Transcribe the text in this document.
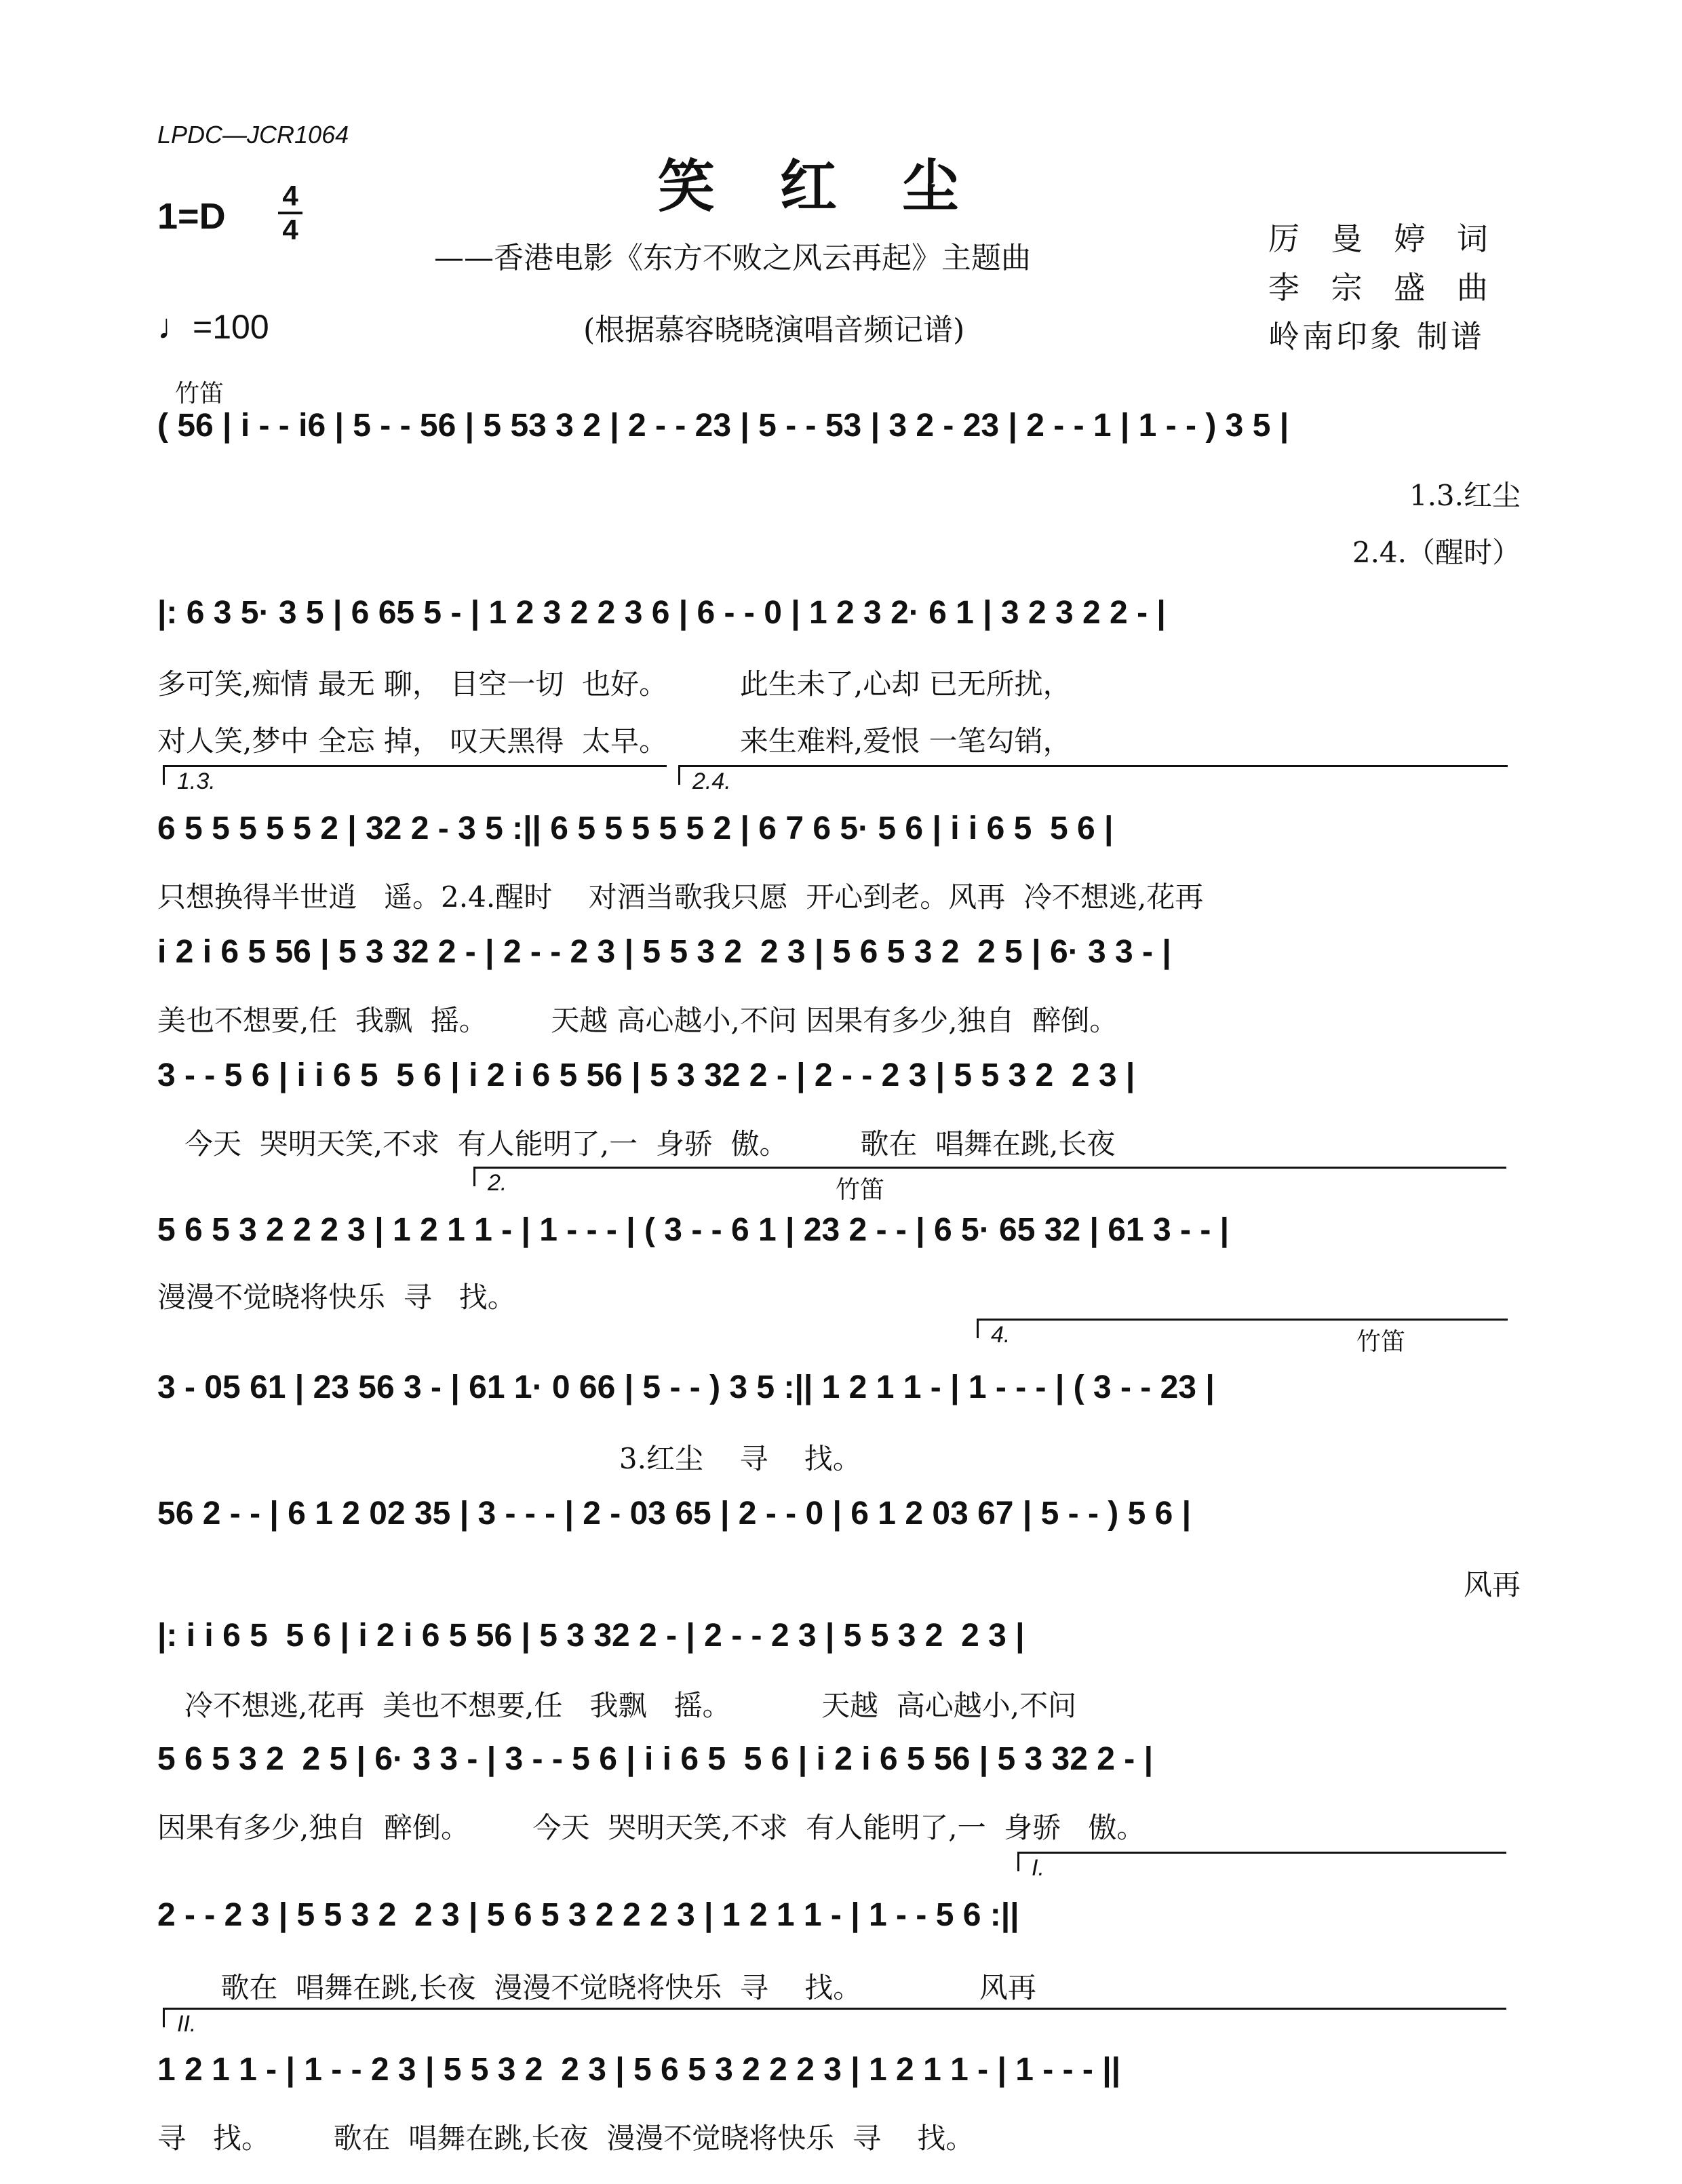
LPDC—JCR1064
笑红尘
1=D
4
4
♩=100
——香港电影《东方不败之风云再起》主题曲
(根据慕容晓晓演唱音频记谱)
厉 曼 婷 词
李 宗 盛 曲
岭南印象 制谱
竹笛
( 56 | i - - i6 | 5 - - 56 | 5 53 3 2 | 2 - - 23 | 5 - - 53 | 3 2 - 23 | 2 - - 1 | 1 - - ) 3 5 |
1.3.红尘
2.4.（醒时）
|: 6 3 5· 3 5 | 6 65 5 - | 1 2 3 2 2 3 6 | 6 - - 0 | 1 2 3 2· 6 1 | 3 2 3 2 2 - |
多可笑,痴情 最无 聊， 目空一切  也好。        此生未了,心却 已无所扰，
对人笑,梦中 全忘 掉， 叹天黑得  太早。        来生难料,爱恨 一笔勾销，
1.3.	2.4.
6 5 5 5 5 5 2 | 32 2 - 3 5 :|| 6 5 5 5 5 5 2 | 6 7 6 5· 5 6 | i i 6 5  5 6 |
只想换得半世逍   遥。2.4.醒时    对酒当歌我只愿  开心到老。风再  冷不想逃,花再
i 2 i 6 5 56 | 5 3 32 2 - | 2 - - 2 3 | 5 5 3 2  2 3 | 5 6 5 3 2  2 5 | 6· 3 3 - |
美也不想要,任  我飘  摇。       天越 高心越小,不问 因果有多少,独自  醉倒。
3 - - 5 6 | i i 6 5  5 6 | i 2 i 6 5 56 | 5 3 32 2 - | 2 - - 2 3 | 5 5 3 2  2 3 |
今天  哭明天笑,不求  有人能明了,一  身骄  傲。        歌在  唱舞在跳,长夜
2.	竹笛
5 6 5 3 2 2 2 3 | 1 2 1 1 - | 1 - - - | ( 3 - - 6 1 | 23 2 - - | 6 5· 65 32 | 61 3 - - |
漫漫不觉晓将快乐  寻   找。
4.	竹笛
3 - 05 61 | 23 56 3 - | 61 1· 0 66 | 5 - - ) 3 5 :|| 1 2 1 1 - | 1 - - - | ( 3 - - 23 |
3.红尘    寻    找。
56 2 - - | 6 1 2 02 35 | 3 - - - | 2 - 03 65 | 2 - - 0 | 6 1 2 03 67 | 5 - - ) 5 6 |
风再
|: i i 6 5  5 6 | i 2 i 6 5 56 | 5 3 32 2 - | 2 - - 2 3 | 5 5 3 2  2 3 |
冷不想逃,花再  美也不想要,任   我飘   摇。          天越  高心越小,不问
5 6 5 3 2  2 5 | 6· 3 3 - | 3 - - 5 6 | i i 6 5  5 6 | i 2 i 6 5 56 | 5 3 32 2 - |
因果有多少,独自  醉倒。       今天  哭明天笑,不求  有人能明了,一  身骄   傲。
I.
2 - - 2 3 | 5 5 3 2  2 3 | 5 6 5 3 2 2 2 3 | 1 2 1 1 - | 1 - - 5 6 :||
歌在  唱舞在跳,长夜  漫漫不觉晓将快乐  寻    找。             风再
II.
1 2 1 1 - | 1 - - 2 3 | 5 5 3 2  2 3 | 5 6 5 3 2 2 2 3 | 1 2 1 1 - | 1 - - - ||
寻   找。       歌在  唱舞在跳,长夜  漫漫不觉晓将快乐  寻    找。
